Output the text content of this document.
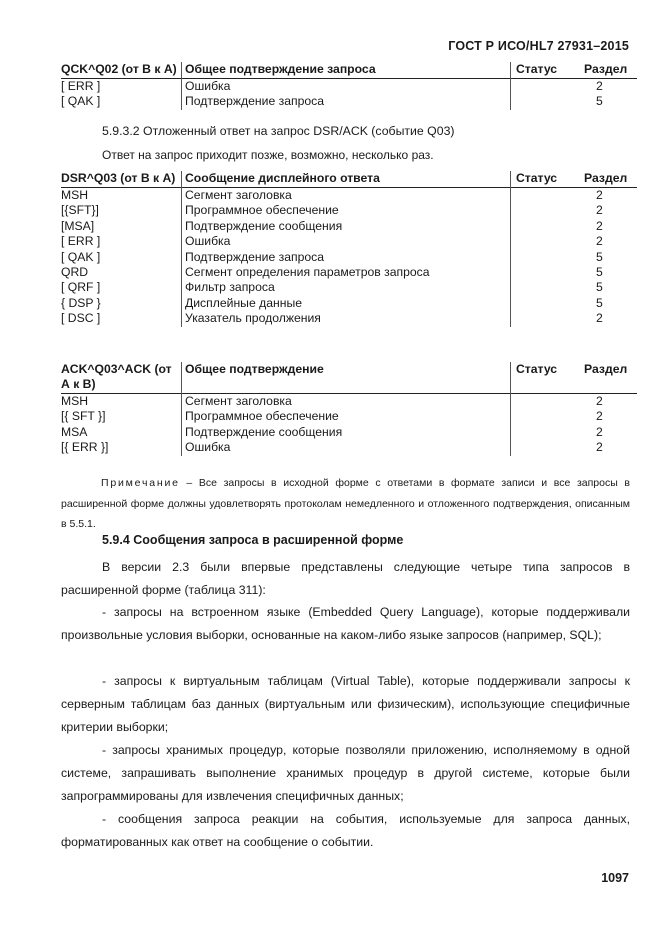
ГОСТ Р ИСО/HL7 27931–2015
QCK^Q02 (от В к А)	Общее подтверждение запроса	Статус	Раздел
[ ERR ]	Ошибка		2
[ QAK ]	Подтверждение запроса		5
5.9.3.2 Отложенный ответ на запрос DSR/ACK (событие Q03)
Ответ на запрос приходит позже, возможно, несколько раз.
DSR^Q03 (от В к А)	Сообщение дисплейного ответа	Статус	Раздел
MSH	Сегмент заголовка		2
[{SFT}]	Программное обеспечение		2
[MSA]	Подтверждение сообщения		2
[ ERR ]	Ошибка		2
[ QAK ]	Подтверждение запроса		5
QRD	Сегмент определения параметров запроса		5
[ QRF ]	Фильтр запроса		5
{ DSP }	Дисплейные данные		5
[ DSC ]	Указатель продолжения		2
ACK^Q03^ACK (от А к В)	Общее подтверждение	Статус	Раздел
MSH	Сегмент заголовка		2
[{ SFT }]	Программное обеспечение		2
MSA	Подтверждение сообщения		2
[{ ERR }]	Ошибка		2
Примечание – Все запросы в исходной форме с ответами в формате записи и все запросы в расширенной форме должны удовлетворять протоколам немедленного и отложенного подтверждения, описанным в 5.5.1.
5.9.4 Сообщения запроса в расширенной форме
В версии 2.3 были впервые представлены следующие четыре типа запросов в расширенной форме (таблица 311):
- запросы на встроенном языке (Embedded Query Language), которые поддерживали произвольные условия выборки, основанные на каком-либо языке запросов (например, SQL);
- запросы к виртуальным таблицам (Virtual Table), которые поддерживали запросы к серверным таблицам баз данных (виртуальным или физическим), использующие специфичные критерии выборки;
- запросы хранимых процедур, которые позволяли приложению, исполняемому в одной системе, запрашивать выполнение хранимых процедур в другой системе, которые были запрограммированы для извлечения специфичных данных;
- сообщения запроса реакции на события, используемые для запроса данных, форматированных как ответ на сообщение о событии.
1097
